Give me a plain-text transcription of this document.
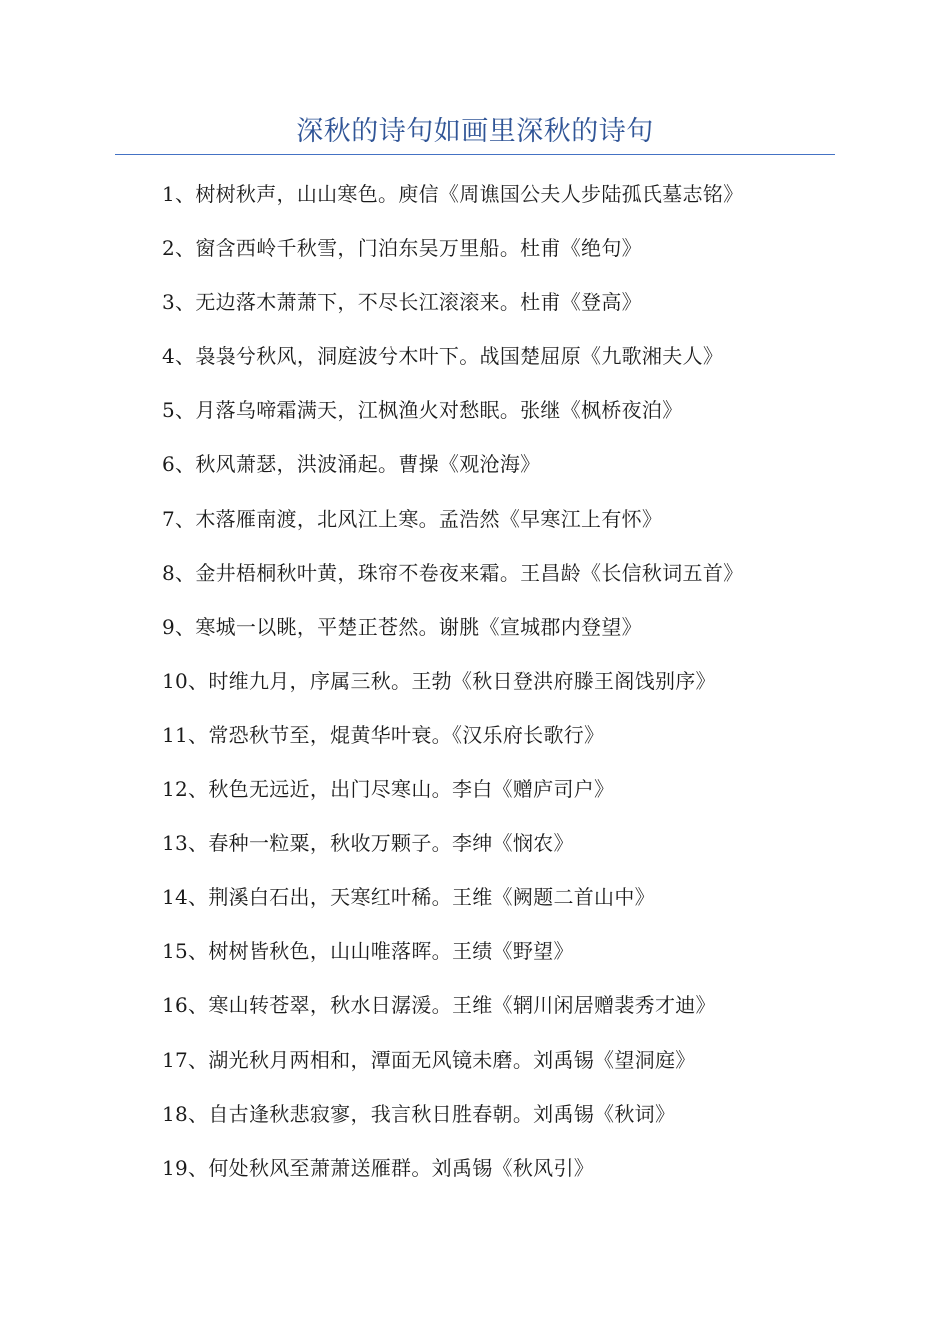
深秋的诗句如画里深秋的诗句
1、树树秋声，山山寒色。庾信《周谯国公夫人步陆孤氏墓志铭》
2、窗含西岭千秋雪，门泊东吴万里船。杜甫《绝句》
3、无边落木萧萧下，不尽长江滚滚来。杜甫《登高》
4、袅袅兮秋风，洞庭波兮木叶下。战国楚屈原《九歌湘夫人》
5、月落乌啼霜满天，江枫渔火对愁眠。张继《枫桥夜泊》
6、秋风萧瑟，洪波涌起。曹操《观沧海》
7、木落雁南渡，北风江上寒。孟浩然《早寒江上有怀》
8、金井梧桐秋叶黄，珠帘不卷夜来霜。王昌龄《长信秋词五首》
9、寒城一以眺，平楚正苍然。谢朓《宣城郡内登望》
10、时维九月，序属三秋。王勃《秋日登洪府滕王阁饯别序》
11、常恐秋节至，焜黄华叶衰。《汉乐府长歌行》
12、秋色无远近，出门尽寒山。李白《赠庐司户》
13、春种一粒粟，秋收万颗子。李绅《悯农》
14、荆溪白石出，天寒红叶稀。王维《阙题二首山中》
15、树树皆秋色，山山唯落晖。王绩《野望》
16、寒山转苍翠，秋水日潺湲。王维《辋川闲居赠裴秀才迪》
17、湖光秋月两相和，潭面无风镜未磨。刘禹锡《望洞庭》
18、自古逢秋悲寂寥，我言秋日胜春朝。刘禹锡《秋词》
19、何处秋风至萧萧送雁群。刘禹锡《秋风引》
